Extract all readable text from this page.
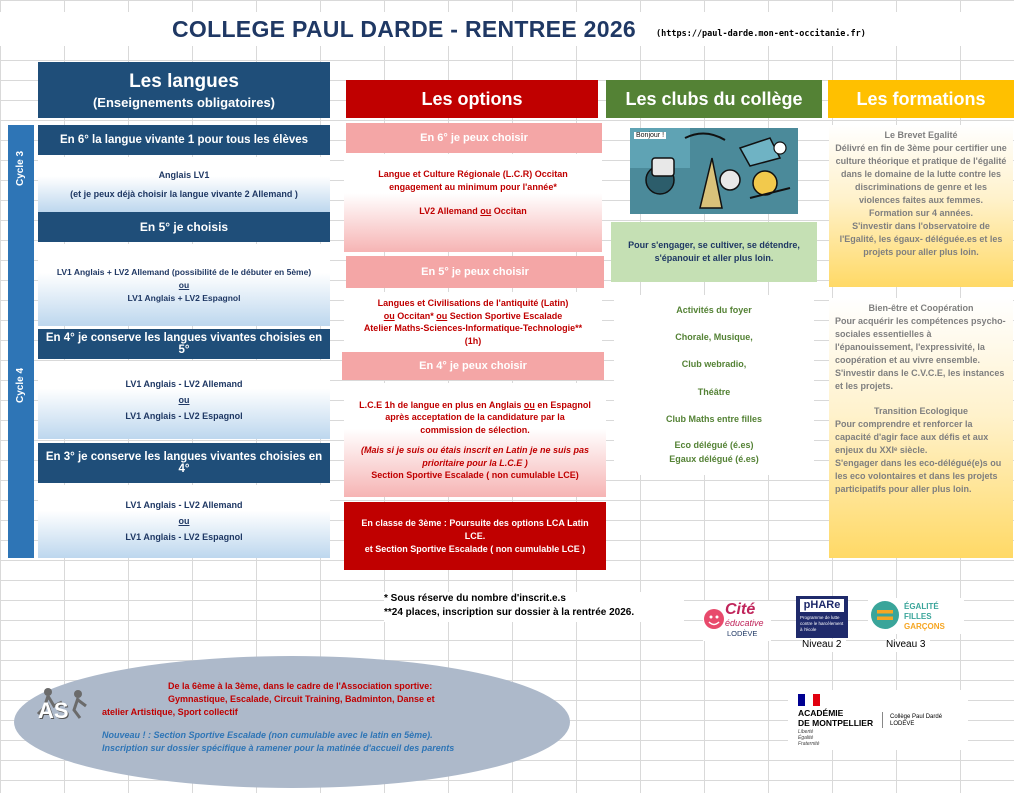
COLLEGE PAUL DARDE - RENTREE 2026 (https://paul-darde.mon-ent-occitanie.fr)
Les langues
(Enseignements obligatoires)	Les options	Les clubs du collège	Les formations
Cycle 3
Cycle 4
En 6° la langue vivante 1 pour tous les élèves

Anglais LV1

(et je peux déjà choisir la langue vivante 2 Allemand )

En 5° je choisis

LV1 Anglais + LV2 Allemand (possibilité de le débuter en 5ème)

ou

LV1 Anglais + LV2 Espagnol

En 4° je conserve les langues vivantes choisies en 5°

LV1 Anglais - LV2 Allemand

ou

LV1 Anglais - LV2 Espagnol

En 3° je conserve les langues vivantes choisies en 4°

LV1 Anglais - LV2 Allemand

ou

LV1 Anglais - LV2 Espagnol

En 6° je peux choisir

Langue et Culture Régionale (L.C.R) Occitan

engagement au minimum pour l'année*

LV2 Allemand ou Occitan

En 5° je peux choisir

Langues et Civilisations de l'antiquité (Latin)

ou Occitan* ou Section Sportive Escalade

Atelier Maths-Sciences-Informatique-Technologie**

(1h)

En 4° je peux choisir

L.C.E 1h de langue en plus en Anglais ou en Espagnol

après acceptation de la candidature par la

commission de sélection.

(Mais si je suis ou étais inscrit en Latin je ne suis pas

prioritaire pour la L.C.E )

Section Sportive Escalade ( non cumulable LCE)

En classe de 3ème : Poursuite des options LCA Latin

LCE.

et Section Sportive Escalade ( non cumulable LCE )

Bonjour !
Pour s'engager, se cultiver, se détendre, s'épanouir et aller plus loin.

Activités du foyer

Chorale, Musique,

Club webradio,

Théâtre

Club Maths entre filles

Eco délégué (é.es)

Egaux délégué (é.es)

Le Brevet Egalité
Délivré en fin de 3ème pour certifier une culture théorique et pratique de l'égalité dans le domaine de la lutte contre les discriminations de genre et les violences faites aux femmes.
Formation sur 4 années.
S'investir dans l'observatoire de l'Egalité, les égaux- déléguée.es et les projets pour aller plus loin.
Bien-être et Coopération
Pour acquérir les compétences psycho-sociales essentielles à l'épanouissement, l'expressivité, la coopération et au vivre ensemble.
S'investir dans le C.V.C.E, les instances et les projets.
Transition Ecologique
Pour comprendre et renforcer la capacité d'agir face aux défis et aux enjeux du XXIᵉ siècle.
S'engager dans les eco-délégué(e)s ou les eco volontaires et dans les projets participatifs pour aller plus loin.
* Sous réserve du nombre d'inscrit.e.s
**24 places, inscription sur dossier à la rentrée 2026.	Cité
éducative
LODÈVE
pHARe
Programme de lutte contre le harcèlement à l'école
Niveau 2
ÉGALITÉ
FILLES
GARÇONS
Niveau 3
AS
De la 6ème à la 3ème, dans le cadre de l'Association sportive:
Gymnastique, Escalade, Circuit Training, Badminton, Danse et
atelier Artistique, Sport collectif
Nouveau ! : Section Sportive Escalade (non cumulable avec le latin en 5ème).
Inscription sur dossier spécifique à ramener pour la matinée d'accueil des parents
ACADÉMIE
DE MONTPELLIER
Liberté
Égalité
Fraternité
Collège Paul Dardé
LODEVE
